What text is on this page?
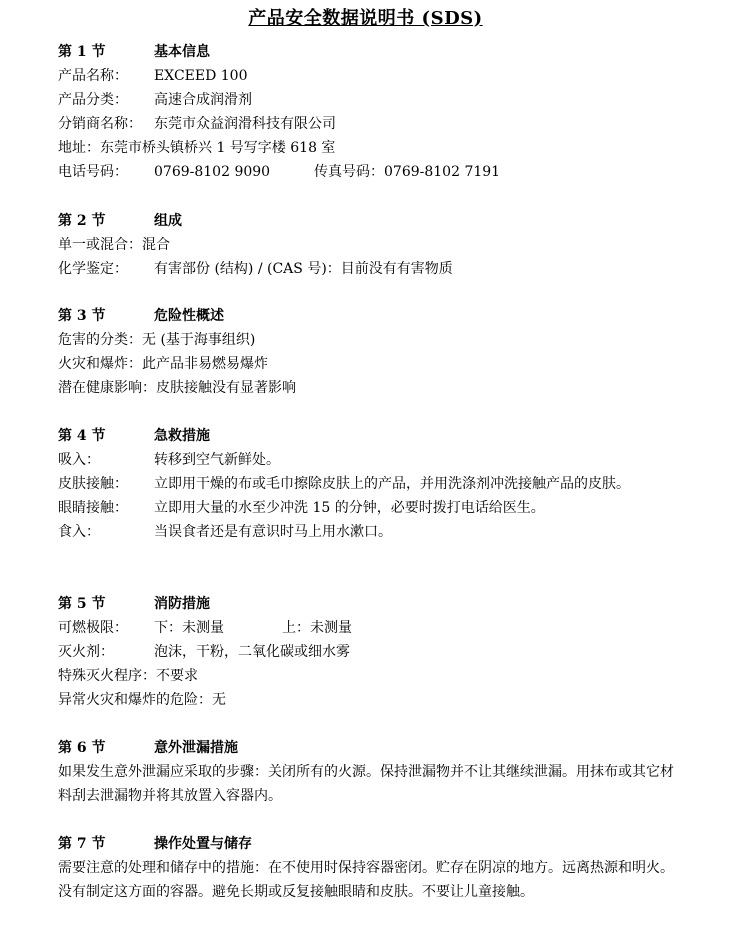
产品安全数据说明书 (SDS)
第 1 节	基本信息
产品名称： EXCEED 100
产品分类： 高速合成润滑剂
分销商名称： 东莞市众益润滑科技有限公司
地址：东莞市桥头镇桥兴 1 号写字楼 618 室
电话号码： 0769-8102 9090	传真号码：0769-8102 7191
第 2 节	组成
单一或混合：混合
化学鉴定： 有害部份 (结构) / (CAS 号)：目前没有有害物质
第 3 节	危险性概述
危害的分类：无 (基于海事组织)
火灾和爆炸：此产品非易燃易爆炸
潜在健康影响：皮肤接触没有显著影响
第 4 节	急救措施
吸入：	转移到空气新鲜处。
皮肤接触：	立即用干燥的布或毛巾擦除皮肤上的产品，并用洗涤剂冲洗接触产品的皮肤。
眼睛接触：	立即用大量的水至少冲洗 15 的分钟，必要时拨打电话给医生。
食入：	当误食者还是有意识时马上用水漱口。
第 5 节	消防措施
可燃极限： 下：未测量	上：未测量
灭火剂：	泡沫，干粉，二氧化碳或细水雾
特殊灭火程序：不要求
异常火灾和爆炸的危险：无
第 6 节	意外泄漏措施
如果发生意外泄漏应采取的步骤：关闭所有的火源。保持泄漏物并不让其继续泄漏。用抹布或其它材料刮去泄漏物并将其放置入容器内。
第 7 节	操作处置与储存
需要注意的处理和储存中的措施：在不使用时保持容器密闭。贮存在阴凉的地方。远离热源和明火。没有制定这方面的容器。避免长期或反复接触眼睛和皮肤。不要让儿童接触。
